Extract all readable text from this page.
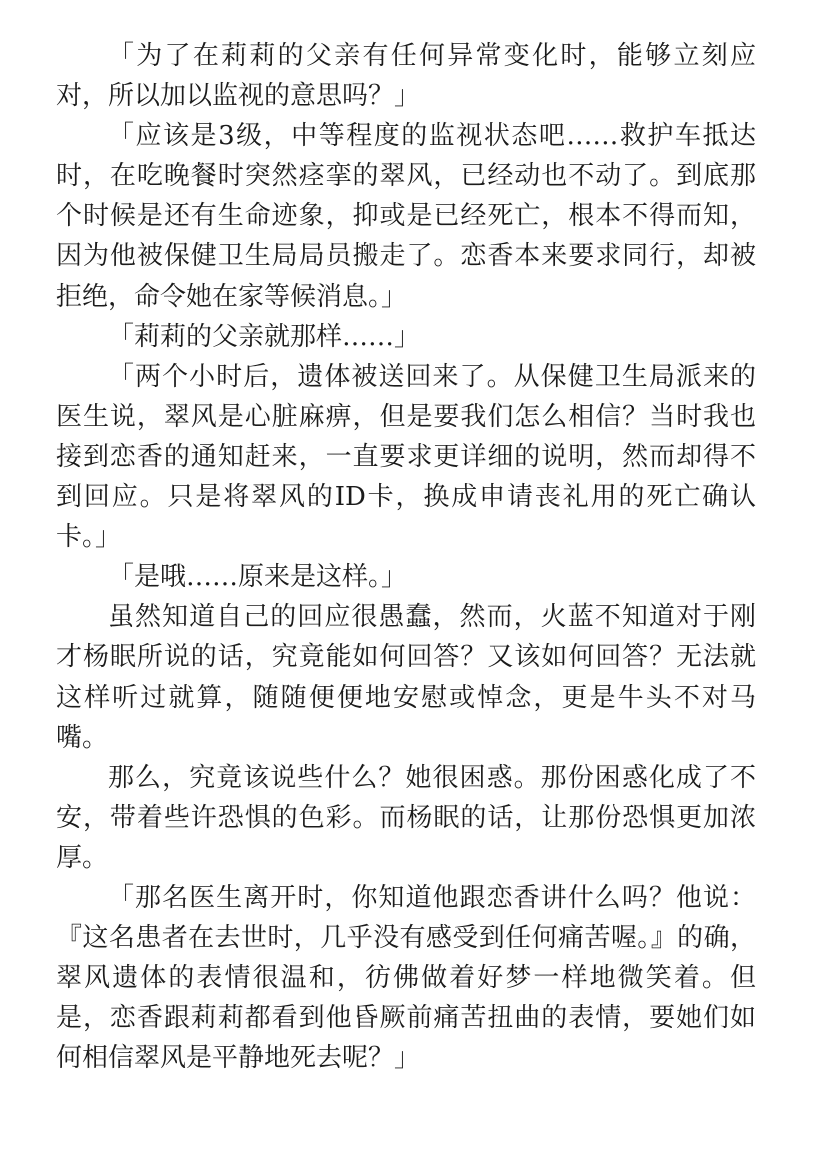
「为了在莉莉的父亲有任何异常变化时，能够立刻应对，所以加以监视的意思吗？」

「应该是3级，中等程度的监视状态吧……救护车抵达时，在吃晚餐时突然痉挛的翠风，已经动也不动了。到底那个时候是还有生命迹象，抑或是已经死亡，根本不得而知，因为他被保健卫生局局员搬走了。恋香本来要求同行，却被拒绝，命令她在家等候消息。」

「莉莉的父亲就那样……」

「两个小时后，遗体被送回来了。从保健卫生局派来的医生说，翠风是心脏麻痹，但是要我们怎么相信？当时我也接到恋香的通知赶来，一直要求更详细的说明，然而却得不到回应。只是将翠风的ID卡，换成申请丧礼用的死亡确认卡。」

「是哦……原来是这样。」

虽然知道自己的回应很愚蠢，然而，火蓝不知道对于刚才杨眠所说的话，究竟能如何回答？又该如何回答？无法就这样听过就算，随随便便地安慰或悼念，更是牛头不对马嘴。

那么，究竟该说些什么？她很困惑。那份困惑化成了不安，带着些许恐惧的色彩。而杨眠的话，让那份恐惧更加浓厚。

「那名医生离开时，你知道他跟恋香讲什么吗？他说：『这名患者在去世时，几乎没有感受到任何痛苦喔。』的确，翠风遗体的表情很温和，彷佛做着好梦一样地微笑着。但是，恋香跟莉莉都看到他昏厥前痛苦扭曲的表情，要她们如何相信翠风是平静地死去呢？」
